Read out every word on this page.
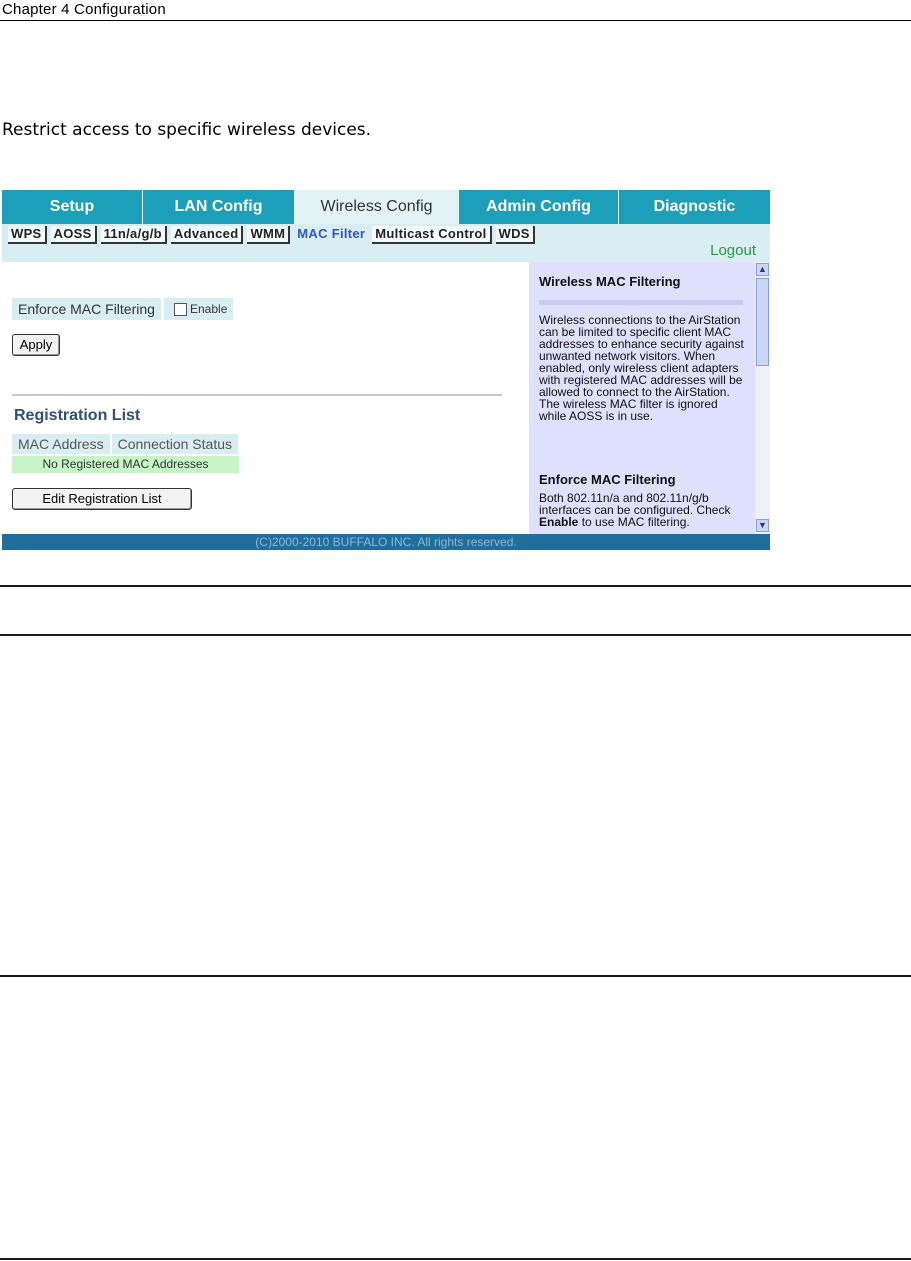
Chapter 4 Configuration
Restrict access to specific wireless devices.
Setup	LAN Config	Wireless Config	Admin Config	Diagnostic
WPS AOSS 11n/a/g/b Advanced WMM MAC Filter Multicast Control WDS
Logout
Enforce MAC Filtering	Enable
Apply
Registration List
MAC Address	Connection Status
No Registered MAC Addresses
Edit Registration List
Wireless MAC Filtering
Wireless connections to the AirStation can be limited to specific client MAC addresses to enhance security against unwanted network visitors. When enabled, only wireless client adapters with registered MAC addresses will be allowed to connect to the AirStation. The wireless MAC filter is ignored while AOSS is in use.
Enforce MAC Filtering
Both 802.11n/a and 802.11n/g/b interfaces can be configured. Check Enable to use MAC filtering.
▲
▼
(C)2000-2010 BUFFALO INC. All rights reserved.
